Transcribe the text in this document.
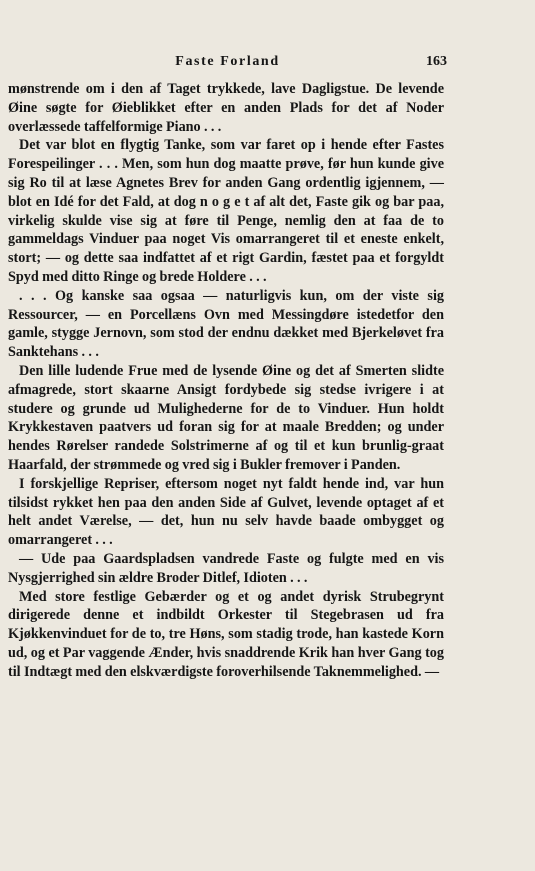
Faste Forland	163

mønstrende om i den af Taget trykkede, lave Dagligstue. De levende Øine søgte for Øieblikket efter en anden Plads for det af Noder overlæssede taffelformige Piano . . .

Det var blot en flygtig Tanke, som var faret op i hende efter Fastes Forespeilinger . . . Men, som hun dog maatte prøve, før hun kunde give sig Ro til at læse Agnetes Brev for anden Gang ordentlig igjennem, — blot en Idé for det Fald, at dog n o g e t af alt det, Faste gik og bar paa, virkelig skulde vise sig at føre til Penge, nemlig den at faa de to gammeldags Vinduer paa noget Vis omarrangeret til et eneste enkelt, stort; — og dette saa indfattet af et rigt Gardin, fæstet paa et forgyldt Spyd med ditto Ringe og brede Holdere . . .

. . . Og kanske saa ogsaa — naturligvis kun, om der viste sig Ressourcer, — en Porcellæns Ovn med Messingdøre istedetfor den gamle, stygge Jernovn, som stod der endnu dækket med Bjerkeløvet fra Sanktehans . . .

Den lille ludende Frue med de lysende Øine og det af Smerten slidte afmagrede, stort skaarne Ansigt fordybede sig stedse ivrigere i at studere og grunde ud Mulighederne for de to Vinduer. Hun holdt Krykkestaven paatvers ud foran sig for at maale Bredden; og under hendes Rørelser randede Solstrimerne af og til et kun brunlig-graat Haarfald, der strømmede og vred sig i Bukler fremover i Panden.

I forskjellige Repriser, eftersom noget nyt faldt hende ind, var hun tilsidst rykket hen paa den anden Side af Gulvet, levende optaget af et helt andet Værelse, — det, hun nu selv havde baade ombygget og omarrangeret . . .

— Ude paa Gaardspladsen vandrede Faste og fulgte med en vis Nysgjerrighed sin ældre Broder Ditlef, Idioten . . .

Med store festlige Gebærder og et og andet dyrisk Strubegrynt dirigerede denne et indbildt Orkester til Stegebrasen ud fra Kjøkkenvinduet for de to, tre Høns, som stadig trode, han kastede Korn ud, og et Par vaggende Ænder, hvis snaddrende Krik han hver Gang tog til Indtægt med den elskværdigste foroverhilsende Taknemmelighed. —
